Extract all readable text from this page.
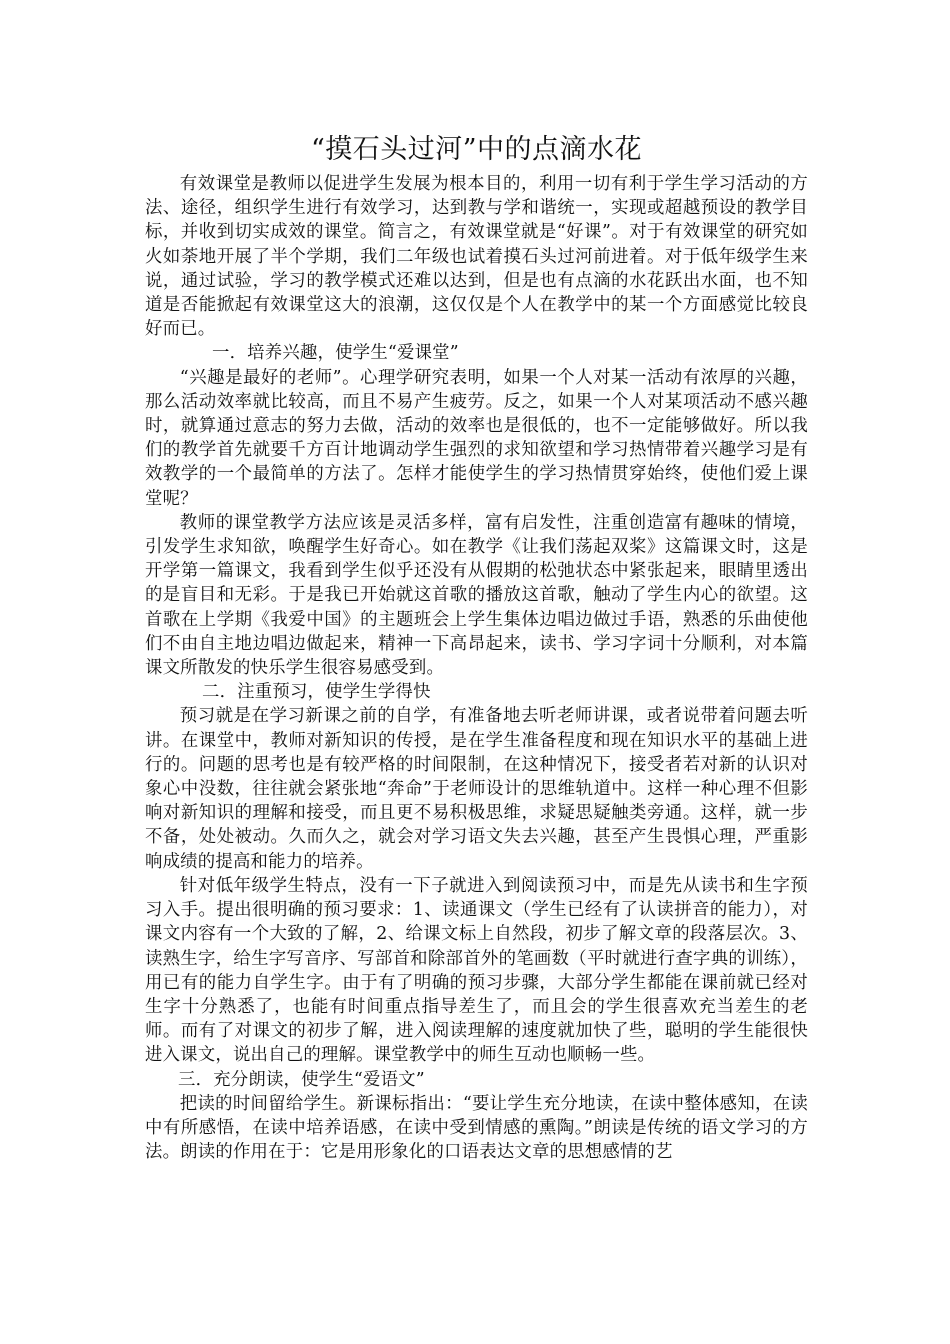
“摸石头过河”中的点滴水花

有效课堂是教师以促进学生发展为根本目的，利用一切有利于学生学习活动的方法、途径，组织学生进行有效学习，达到教与学和谐统一，实现或超越预设的教学目标，并收到切实成效的课堂。简言之，有效课堂就是“好课”。对于有效课堂的研究如火如荼地开展了半个学期，我们二年级也试着摸石头过河前进着。对于低年级学生来说，通过试验，学习的教学模式还难以达到，但是也有点滴的水花跃出水面，也不知道是否能掀起有效课堂这大的浪潮，这仅仅是个人在教学中的某一个方面感觉比较良好而已。

一．培养兴趣，使学生“爱课堂”

“兴趣是最好的老师”。心理学研究表明，如果一个人对某一活动有浓厚的兴趣，那么活动效率就比较高，而且不易产生疲劳。反之，如果一个人对某项活动不感兴趣时，就算通过意志的努力去做，活动的效率也是很低的，也不一定能够做好。所以我们的教学首先就要千方百计地调动学生强烈的求知欲望和学习热情带着兴趣学习是有效教学的一个最简单的方法了。怎样才能使学生的学习热情贯穿始终，使他们爱上课堂呢？

教师的课堂教学方法应该是灵活多样，富有启发性，注重创造富有趣味的情境，引发学生求知欲，唤醒学生好奇心。如在教学《让我们荡起双桨》这篇课文时，这是开学第一篇课文，我看到学生似乎还没有从假期的松弛状态中紧张起来，眼睛里透出的是盲目和无彩。于是我已开始就这首歌的播放这首歌，触动了学生内心的欲望。这首歌在上学期《我爱中国》的主题班会上学生集体边唱边做过手语，熟悉的乐曲使他们不由自主地边唱边做起来，精神一下高昂起来，读书、学习字词十分顺利，对本篇课文所散发的快乐学生很容易感受到。

二．注重预习，使学生学得快

预习就是在学习新课之前的自学，有准备地去听老师讲课，或者说带着问题去听讲。在课堂中，教师对新知识的传授，是在学生准备程度和现在知识水平的基础上进行的。问题的思考也是有较严格的时间限制，在这种情况下，接受者若对新的认识对象心中没数，往往就会紧张地“奔命”于老师设计的思维轨道中。这样一种心理不但影响对新知识的理解和接受，而且更不易积极思维，求疑思疑触类旁通。这样，就一步不备，处处被动。久而久之，就会对学习语文失去兴趣，甚至产生畏惧心理，严重影响成绩的提高和能力的培养。

针对低年级学生特点，没有一下子就进入到阅读预习中，而是先从读书和生字预习入手。提出很明确的预习要求：1、读通课文（学生已经有了认读拼音的能力），对课文内容有一个大致的了解，2、给课文标上自然段，初步了解文章的段落层次。3、读熟生字，给生字写音序、写部首和除部首外的笔画数（平时就进行查字典的训练），用已有的能力自学生字。由于有了明确的预习步骤，大部分学生都能在课前就已经对生字十分熟悉了，也能有时间重点指导差生了，而且会的学生很喜欢充当差生的老师。而有了对课文的初步了解，进入阅读理解的速度就加快了些，聪明的学生能很快进入课文，说出自己的理解。课堂教学中的师生互动也顺畅一些。

三．充分朗读，使学生“爱语文”

把读的时间留给学生。新课标指出：“要让学生充分地读，在读中整体感知，在读中有所感悟，在读中培养语感，在读中受到情感的熏陶。”朗读是传统的语文学习的方法。朗读的作用在于：它是用形象化的口语表达文章的思想感情的艺
